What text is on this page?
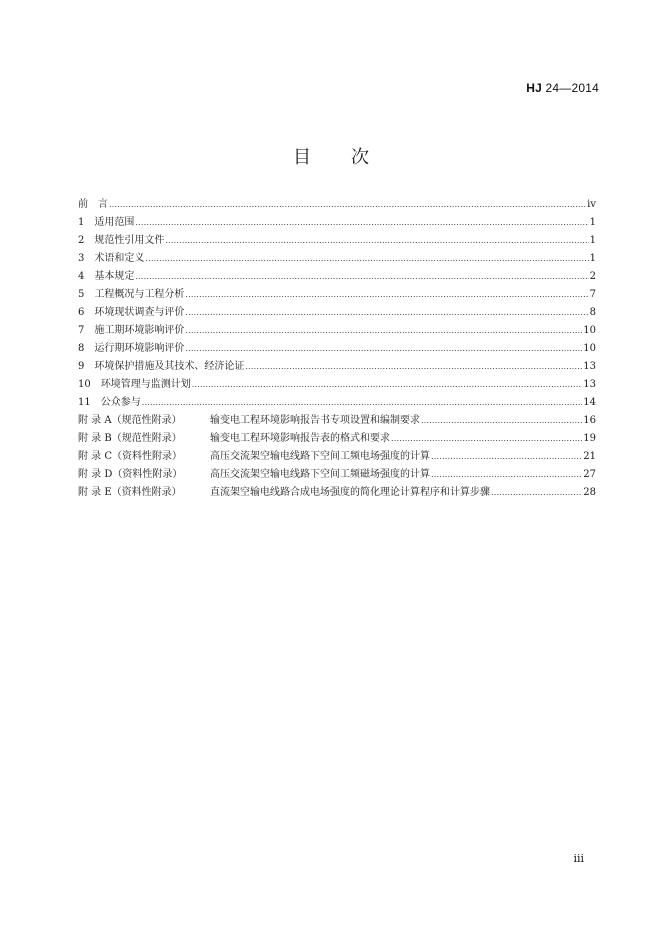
HJ 24—2014
目 次
前　言 .....	iv
1　 适用范围 .....	1
2　 规范性引用文件 .....	1
3　 术语和定义 .....	1
4　 基本规定 .....	2
5　 工程概况与工程分析 .....	7
6　 环境现状调查与评价 .....	8
7　 施工期环境影响评价 .....	10
8　 运行期环境影响评价 .....	10
9　 环境保护措施及其技术、经济论证 .....	13
10　 环境管理与监测计划 .....	13
11　 公众参与 .....	14
附 录 A（规范性附录）	输变电工程环境影响报告书专项设置和编制要求 .....	16
附 录 B（规范性附录）	输变电工程环境影响报告表的格式和要求 .....	19
附 录 C（资料性附录）	高压交流架空输电线路下空间工频电场强度的计算 .....	21
附 录 D（资料性附录）	高压交流架空输电线路下空间工频磁场强度的计算 .....	27
附 录 E（资料性附录）	直流架空输电线路合成电场强度的简化理论计算程序和计算步骤 .....	28
iii
